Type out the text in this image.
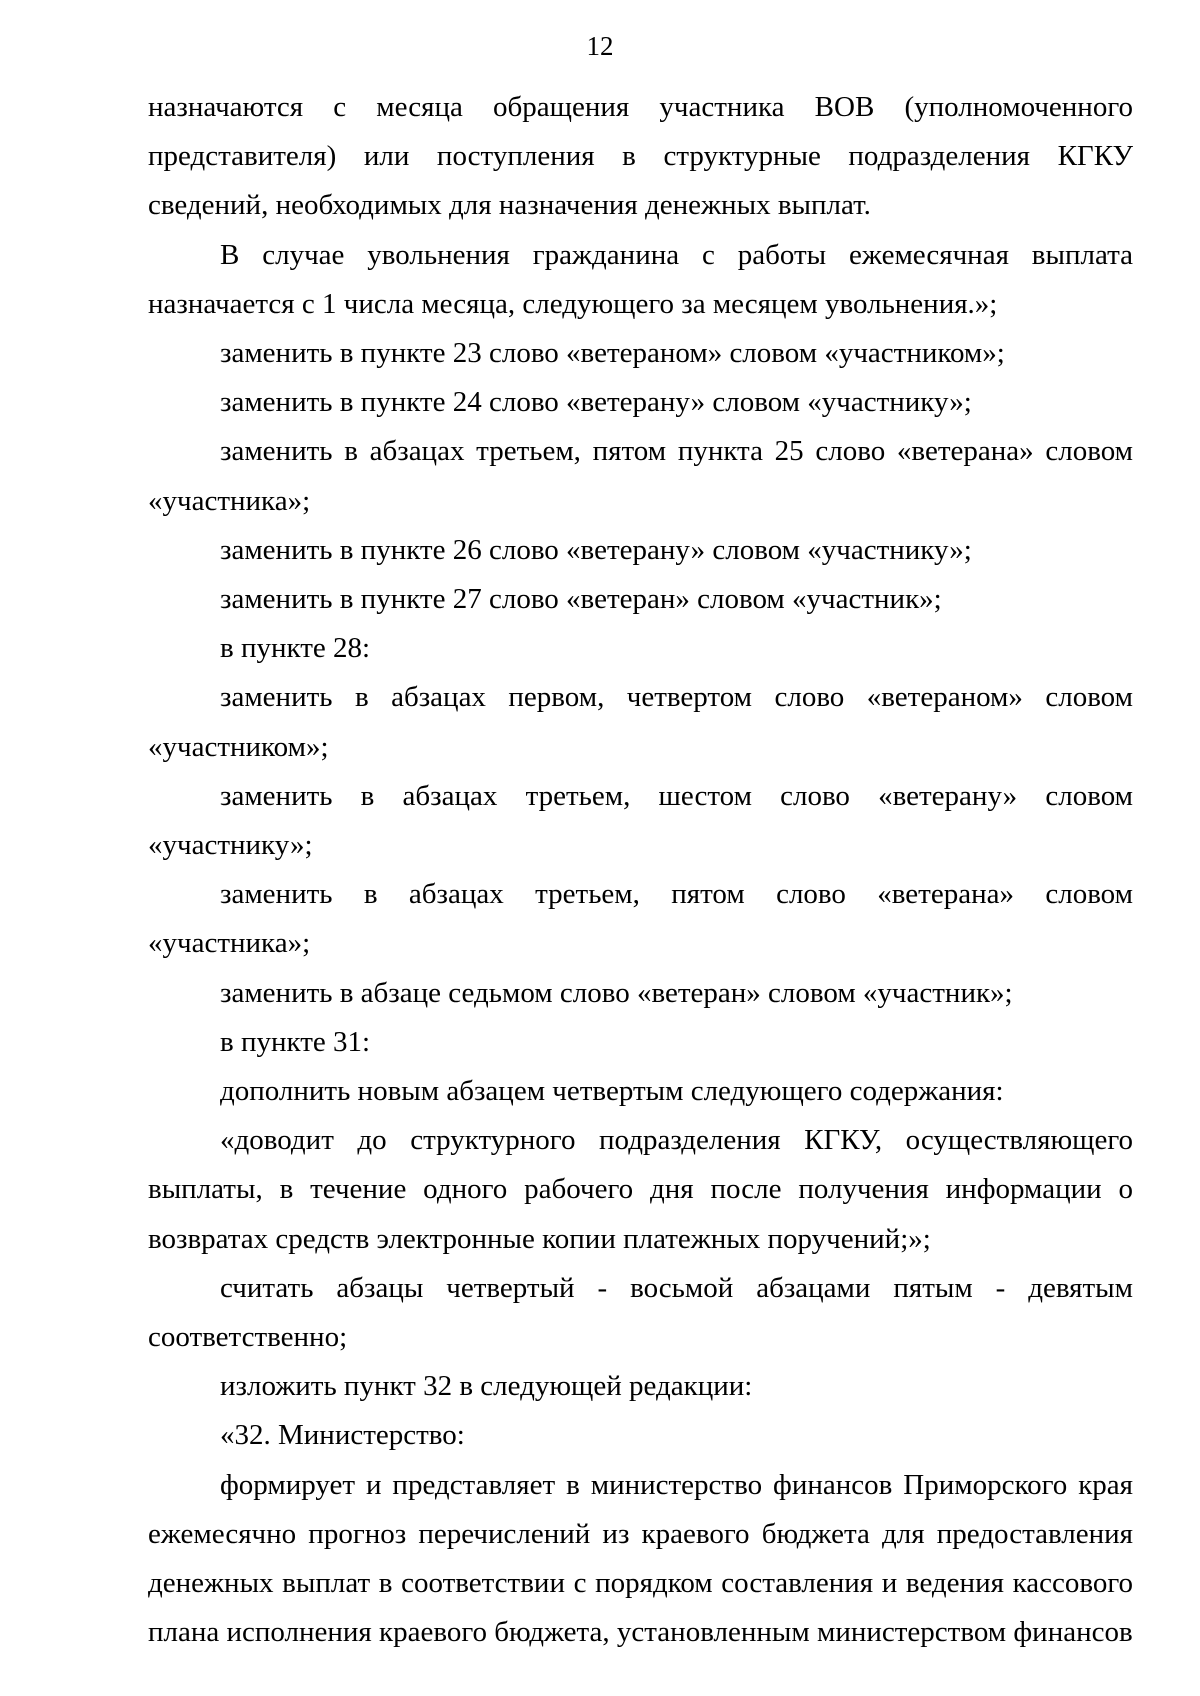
12

назначаются с месяца обращения участника ВОВ (уполномоченного представителя) или поступления в структурные подразделения КГКУ сведений, необходимых для назначения денежных выплат.

В случае увольнения гражданина с работы ежемесячная выплата назначается с 1 числа месяца, следующего за месяцем увольнения.»;

заменить в пункте 23 слово «ветераном» словом «участником»;

заменить в пункте 24 слово «ветерану» словом «участнику»;

заменить в абзацах третьем, пятом пункта 25 слово «ветерана» словом «участника»;

заменить в пункте 26 слово «ветерану» словом «участнику»;

заменить в пункте 27 слово «ветеран» словом «участник»;

в пункте 28:

заменить в абзацах первом, четвертом слово «ветераном» словом «участником»;

заменить в абзацах третьем, шестом слово «ветерану» словом «участнику»;

заменить в абзацах третьем, пятом слово «ветерана» словом «участника»;

заменить в абзаце седьмом слово «ветеран» словом «участник»;

в пункте 31:

дополнить новым абзацем четвертым следующего содержания:

«доводит до структурного подразделения КГКУ, осуществляющего выплаты, в течение одного рабочего дня после получения информации о возвратах средств электронные копии платежных поручений;»;

считать абзацы четвертый - восьмой абзацами пятым - девятым соответственно;

изложить пункт 32 в следующей редакции:

«32. Министерство:

формирует и представляет в министерство финансов Приморского края ежемесячно прогноз перечислений из краевого бюджета для предоставления денежных выплат в соответствии с порядком составления и ведения кассового плана исполнения краевого бюджета, установленным министерством финансов
